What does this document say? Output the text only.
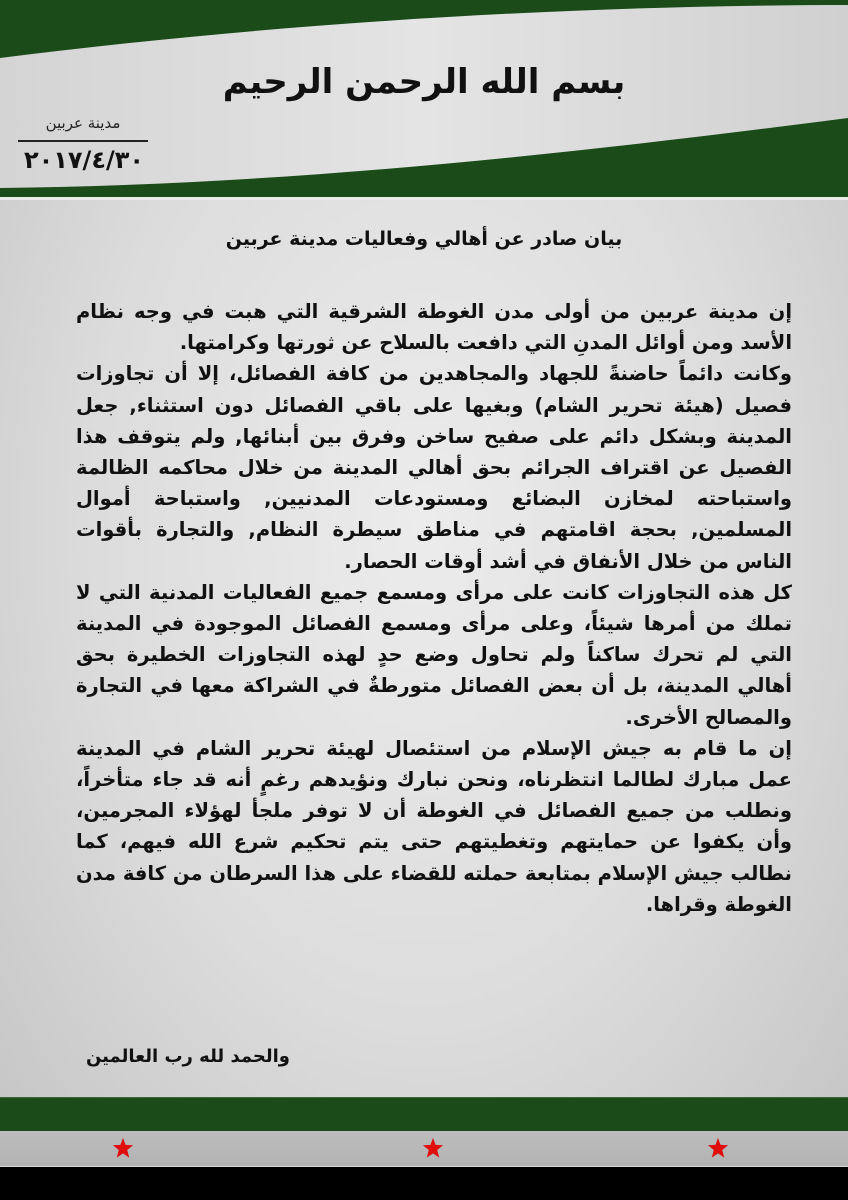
بسم الله الرحمن الرحيم
مدينة عربين
٢٠١٧/٤/٣٠
بيان صادر عن أهالي وفعاليات مدينة عربين

إن مدينة عربين من أولى مدن الغوطة الشرقية التي هبت في وجه نظام الأسد ومن أوائل المدنِ التي دافعت بالسلاح عن ثورتها وكرامتها.

وكانت دائماً حاضنةً للجهاد والمجاهدين من كافة الفصائل، إلا أن تجاوزات فصيل (هيئة تحرير الشام) وبغيها على باقي الفصائل دون استثناء, جعل المدينة وبشكل دائم على صفيح ساخن وفرق بين أبنائها, ولم يتوقف هذا الفصيل عن اقتراف الجرائم بحق أهالي المدينة من خلال محاكمه الظالمة واستباحته لمخازن البضائع ومستودعات المدنيين, واستباحة أموال المسلمين, بحجة اقامتهم في مناطق سيطرة النظام, والتجارة بأقوات الناس من خلال الأنفاق في أشد أوقات الحصار.

كل هذه التجاوزات كانت على مرأى ومسمع جميع الفعاليات المدنية التي لا تملك من أمرها شيئاً، وعلى مرأى ومسمع الفصائل الموجودة في المدينة التي لم تحرك ساكناً ولم تحاول وضع حدٍ لهذه التجاوزات الخطيرة بحق أهالي المدينة، بل أن بعض الفصائل متورطةٌ في الشراكة معها في التجارة والمصالح الأخرى.

إن ما قام به جيش الإسلام من استئصال لهيئة تحرير الشام في المدينة عمل مبارك لطالما انتظرناه، ونحن نبارك ونؤيدهم رغمٍ أنه قد جاء متأخراً، ونطلب من جميع الفصائل في الغوطة أن لا توفر ملجأ لهؤلاء المجرمين، وأن يكفوا عن حمايتهم وتغطيتهم حتى يتم تحكيم شرع الله فيهم، كما نطالب جيش الإسلام بمتابعة حملته للقضاء على هذا السرطان من كافة مدن الغوطة وقراها.

والحمد لله رب العالمين
